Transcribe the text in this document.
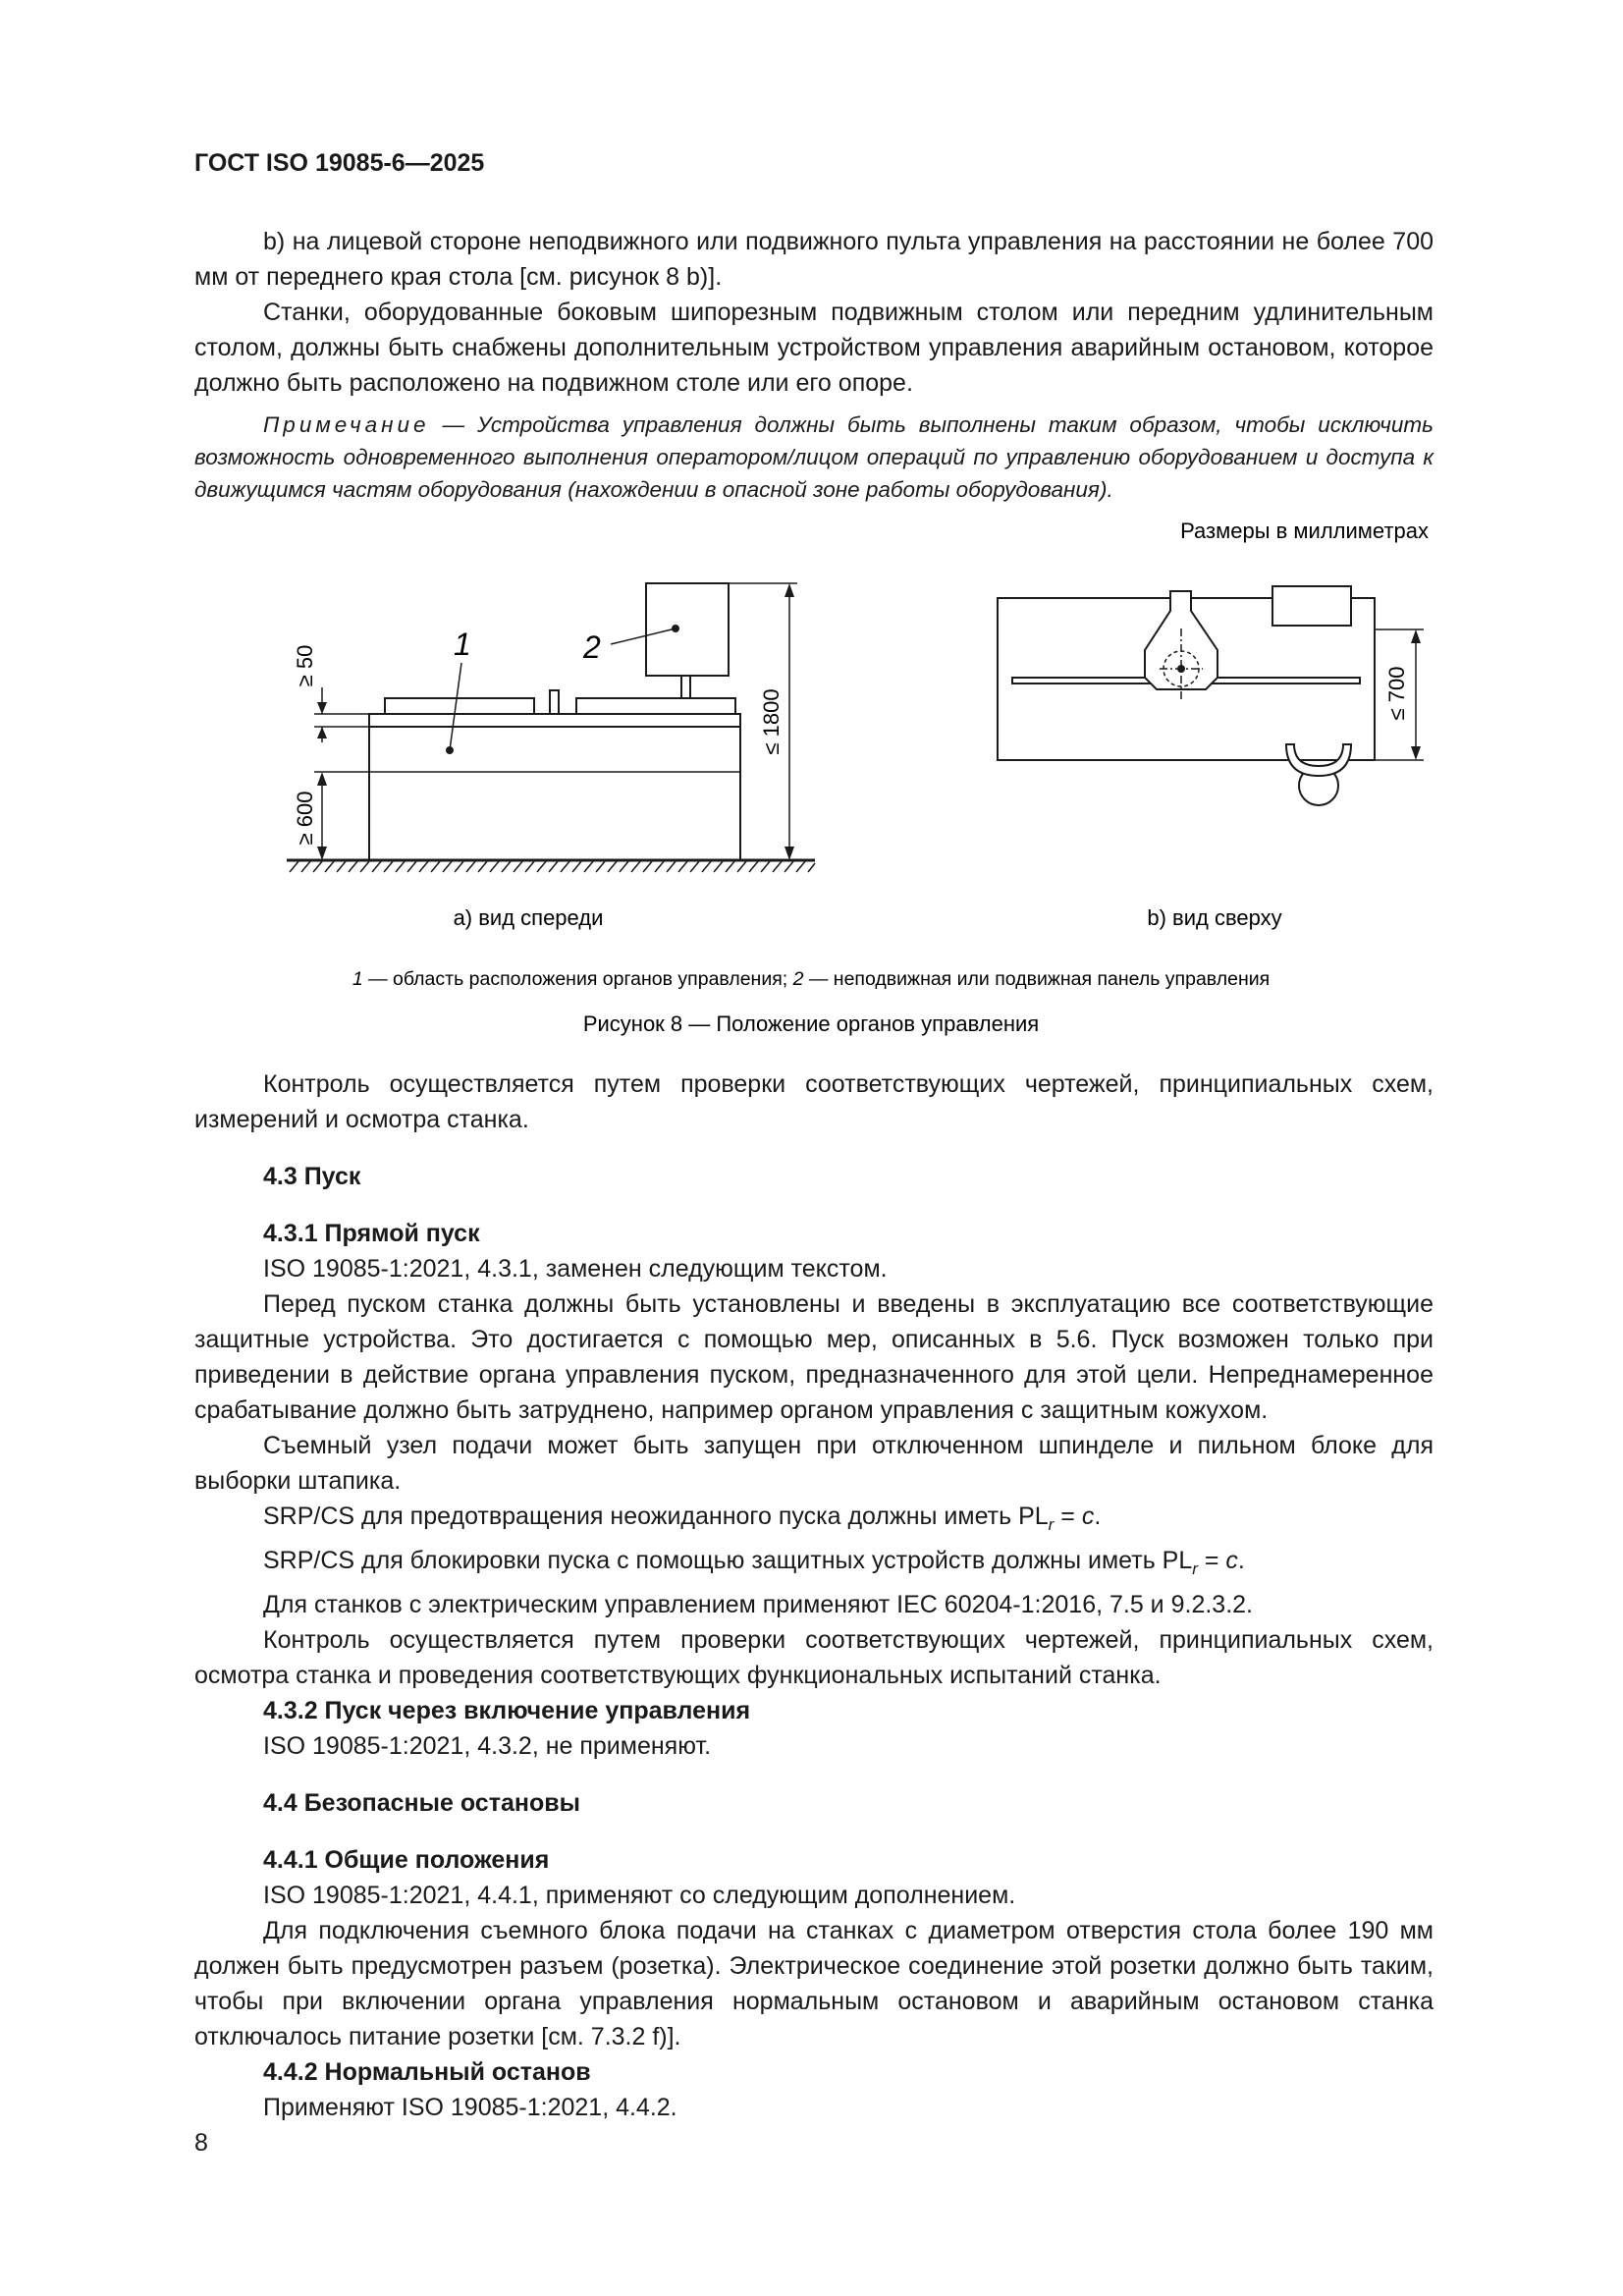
ГОСТ ISO 19085-6—2025

b) на лицевой стороне неподвижного или подвижного пульта управления на расстоянии не более 700 мм от переднего края стола [см. рисунок 8 b)].

Станки, оборудованные боковым шипорезным подвижным столом или передним удлинительным столом, должны быть снабжены дополнительным устройством управления аварийным остановом, которое должно быть расположено на подвижном столе или его опоре.

Примечание — Устройства управления должны быть выполнены таким образом, чтобы исключить возможность одновременного выполнения оператором/лицом операций по управлению оборудованием и доступа к движущимся частям оборудования (нахождении в опасной зоне работы оборудования).

Размеры в миллиметрах
1	2
≤ 1800
≥ 600
≥ 50
≤ 700
а) вид спереди	b) вид сверху
1 — область расположения органов управления; 2 — неподвижная или подвижная панель управления
Рисунок 8 — Положение органов управления

Контроль осуществляется путем проверки соответствующих чертежей, принципиальных схем, измерений и осмотра станка.

4.3 Пуск

4.3.1 Прямой пуск

ISO 19085-1:2021, 4.3.1, заменен следующим текстом.

Перед пуском станка должны быть установлены и введены в эксплуатацию все соответствующие защитные устройства. Это достигается с помощью мер, описанных в 5.6. Пуск возможен только при приведении в действие органа управления пуском, предназначенного для этой цели. Непреднамеренное срабатывание должно быть затруднено, например органом управления с защитным кожухом.

Съемный узел подачи может быть запущен при отключенном шпинделе и пильном блоке для выборки штапика.

SRP/CS для предотвращения неожиданного пуска должны иметь $PL_r = c$.

SRP/CS для блокировки пуска с помощью защитных устройств должны иметь $PL_r = c$.

Для станков с электрическим управлением применяют IEC 60204-1:2016, 7.5 и 9.2.3.2.

Контроль осуществляется путем проверки соответствующих чертежей, принципиальных схем, осмотра станка и проведения соответствующих функциональных испытаний станка.

4.3.2 Пуск через включение управления

ISO 19085-1:2021, 4.3.2, не применяют.

4.4 Безопасные остановы

4.4.1 Общие положения

ISO 19085-1:2021, 4.4.1, применяют со следующим дополнением.

Для подключения съемного блока подачи на станках с диаметром отверстия стола более 190 мм должен быть предусмотрен разъем (розетка). Электрическое соединение этой розетки должно быть таким, чтобы при включении органа управления нормальным остановом и аварийным остановом станка отключалось питание розетки [см. 7.3.2 f)].

4.4.2 Нормальный останов

Применяют ISO 19085-1:2021, 4.4.2.

8
